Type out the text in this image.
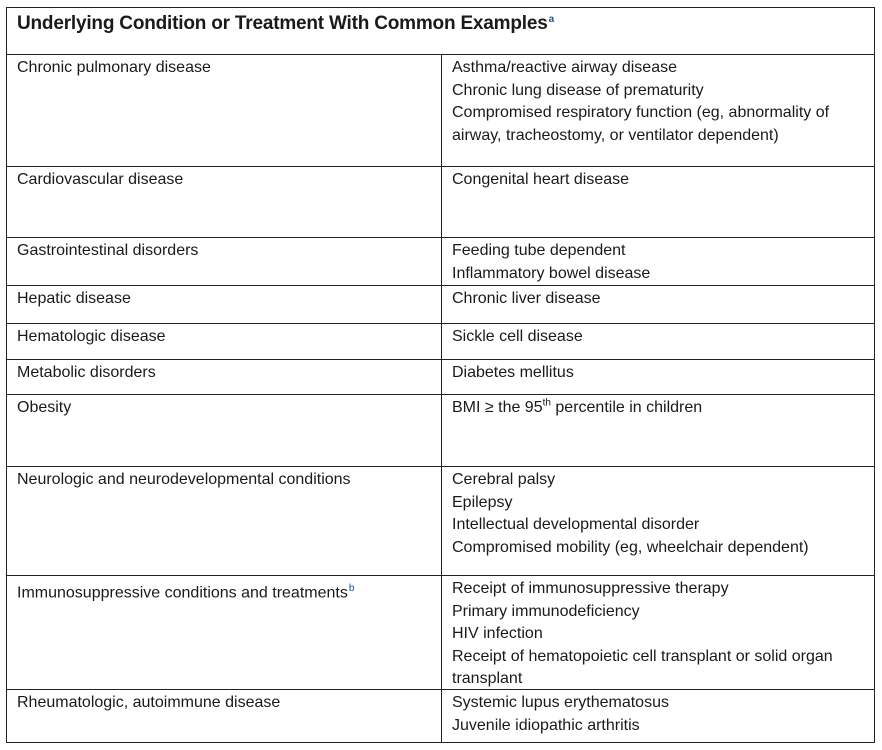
Underlying Condition or Treatment With Common Examples$^a$
Chronic pulmonary disease	Asthma/reactive airway disease
Chronic lung disease of prematurity
Compromised respiratory function (eg, abnormality of
airway, tracheostomy, or ventilator dependent)
Cardiovascular disease	Congenital heart disease
Gastrointestinal disorders	Feeding tube dependent
Inflammatory bowel disease
Hepatic disease	Chronic liver disease
Hematologic disease	Sickle cell disease
Metabolic disorders	Diabetes mellitus
Obesity	BMI ≥ the 95th percentile in children
Neurologic and neurodevelopmental conditions	Cerebral palsy
Epilepsy
Intellectual developmental disorder
Compromised mobility (eg, wheelchair dependent)
Immunosuppressive conditions and treatments$^b$	Receipt of immunosuppressive therapy
Primary immunodeficiency
HIV infection
Receipt of hematopoietic cell transplant or solid organ
transplant
Rheumatologic, autoimmune disease	Systemic lupus erythematosus
Juvenile idiopathic arthritis
